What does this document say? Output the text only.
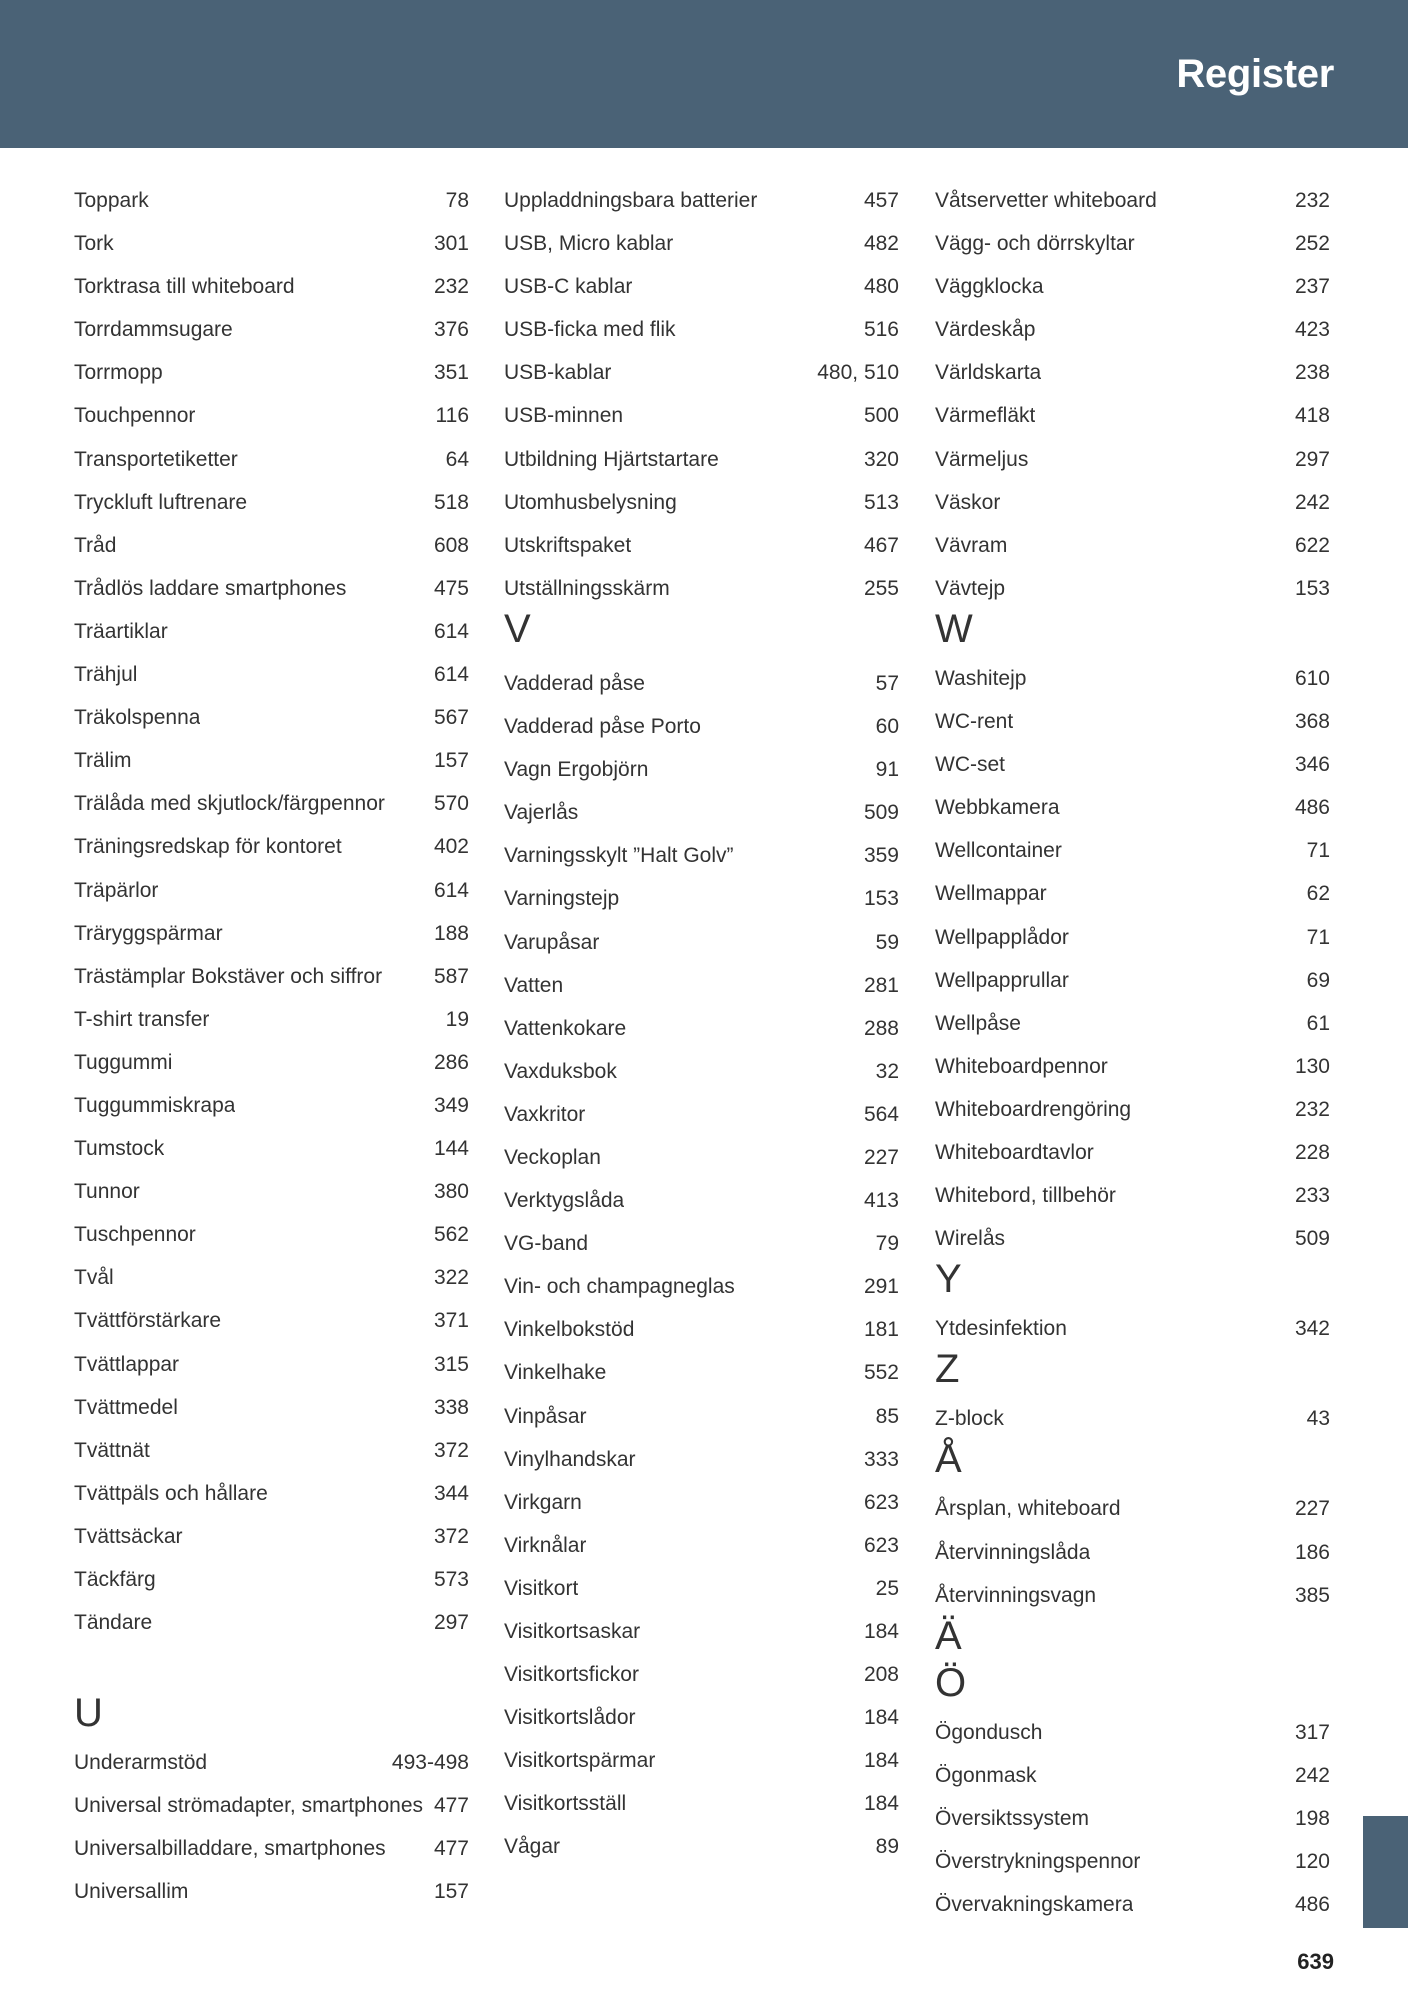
Register
Toppark	78
Tork	301
Torktrasa till whiteboard	232
Torrdammsugare	376
Torrmopp	351
Touchpennor	116
Transportetiketter	64
Tryckluft luftrenare	518
Tråd	608
Trådlös laddare smartphones	475
Träartiklar	614
Trähjul	614
Träkolspenna	567
Trälim	157
Trälåda med skjutlock/färgpennor	570
Träningsredskap för kontoret	402
Träpärlor	614
Träryggspärmar	188
Trästämplar Bokstäver och siffror	587
T-shirt transfer	19
Tuggummi	286
Tuggummiskrapa	349
Tumstock	144
Tunnor	380
Tuschpennor	562
Tvål	322
Tvättförstärkare	371
Tvättlappar	315
Tvättmedel	338
Tvättnät	372
Tvättpäls och hållare	344
Tvättsäckar	372
Täckfärg	573
Tändare	297
U
Underarmstöd	493-498
Universal strömadapter, smartphones 477
Universalbilladdare, smartphones	477
Universallim	157
Uppladdningsbara batterier	457
USB, Micro kablar	482
USB-C kablar	480
USB-ficka med flik	516
USB-kablar	480, 510
USB-minnen	500
Utbildning Hjärtstartare	320
Utomhusbelysning	513
Utskriftspaket	467
Utställningsskärm	255
V
Vadderad påse	57
Vadderad påse Porto	60
Vagn Ergobjörn	91
Vajerlås	509
Varningsskylt ”Halt Golv”	359
Varningstejp	153
Varupåsar	59
Vatten	281
Vattenkokare	288
Vaxduksbok	32
Vaxkritor	564
Veckoplan	227
Verktygslåda	413
VG-band	79
Vin- och champagneglas	291
Vinkelbokstöd	181
Vinkelhake	552
Vinpåsar	85
Vinylhandskar	333
Virkgarn	623
Virknålar	623
Visitkort	25
Visitkortsaskar	184
Visitkortsfickor	208
Visitkortslådor	184
Visitkortspärmar	184
Visitkortsställ	184
Vågar	89
Våtservetter whiteboard	232
Vägg- och dörrskyltar	252
Väggklocka	237
Värdeskåp	423
Världskarta	238
Värmefläkt	418
Värmeljus	297
Väskor	242
Vävram	622
Vävtejp	153
W
Washitejp	610
WC-rent	368
WC-set	346
Webbkamera	486
Wellcontainer	71
Wellmappar	62
Wellpapplådor	71
Wellpapprullar	69
Wellpåse	61
Whiteboardpennor	130
Whiteboardrengöring	232
Whiteboardtavlor	228
Whitebord, tillbehör	233
Wirelås	509
Y
Ytdesinfektion	342
Z
Z-block	43
Å
Årsplan, whiteboard	227
Återvinningslåda	186
Återvinningsvagn	385
Ä
Ö
Ögondusch	317
Ögonmask	242
Översiktssystem	198
Överstrykningspennor	120
Övervakningskamera	486
639
